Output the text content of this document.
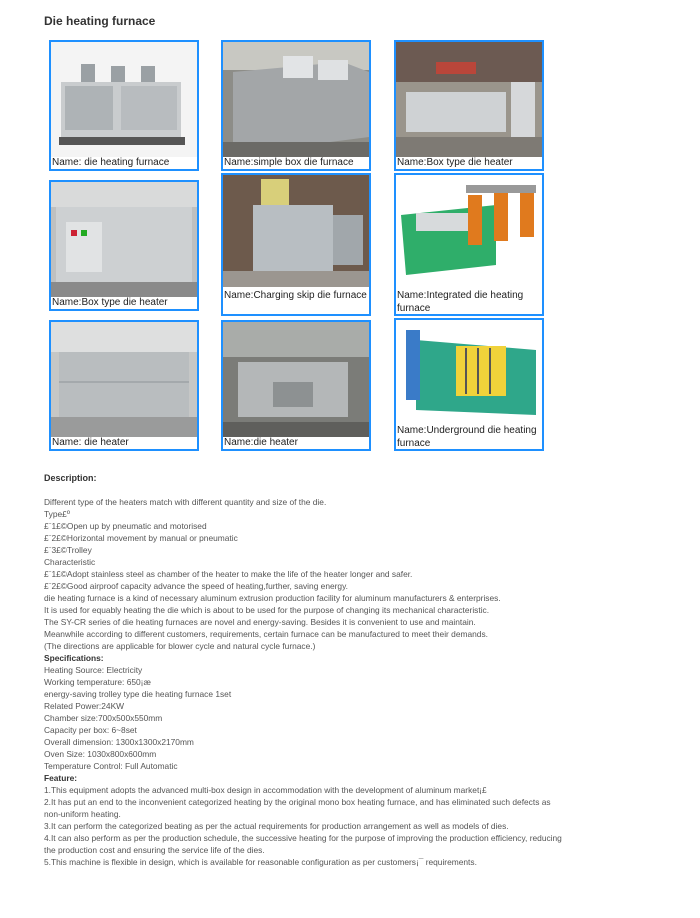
Die heating furnace
Name: die heating furnace	Name:simple box die furnace	Name:Box type die heater
Name:Box type die heater
Name:Charging skip die furnace	Name:Integrated die heating furnace
Name: die heater	Name:die heater
Name:Underground die heating furnace
Description:
Different type of the heaters match with different quantity and size of the die.
Type£º
£¨1£©Open up by pneumatic and motorised
£¨2£©Horizontal movement by manual or pneumatic
£¨3£©Trolley
Characteristic
£¨1£©Adopt stainless steel as chamber of the heater to make the life of the heater longer and safer.
£¨2£©Good airproof capacity advance the speed of heating,further, saving energy.
die heating furnace is a kind of necessary aluminum extrusion production facility for aluminum manufacturers & enterprises.
It is used for equably heating the die which is about to be used for the purpose of changing its mechanical characteristic.
The SY-CR series of die heating furnaces are novel and energy-saving. Besides it is convenient to use and maintain.
Meanwhile according to different customers, requirements, certain furnace can be manufactured to meet their demands.
(The directions are applicable for blower cycle and natural cycle furnace.)
Specifications:
Heating Source: Electricity
Working temperature: 650¡æ
energy-saving trolley type die heating furnace 1set
Related Power:24KW
Chamber size:700x500x550mm
Capacity per box: 6~8set
Overall dimension: 1300x1300x2170mm
Oven Size: 1030x800x600mm
Temperature Control: Full Automatic
Feature:
1.This equipment adopts the advanced multi-box design in accommodation with the development of aluminum market¡£
2.It has put an end to the inconvenient categorized heating by the original mono box heating furnace, and has eliminated such defects as non-uniform heating.
3.It can perform the categorized beating as per the actual requirements for production arrangement as well as models of dies.
4.It can also perform as per the production schedule, the successive heating for the purpose of improving the production efficiency, reducing the production cost and ensuring the service life of the dies.
5.This machine is flexible in design, which is available for reasonable configuration as per customers¡¯ requirements.
